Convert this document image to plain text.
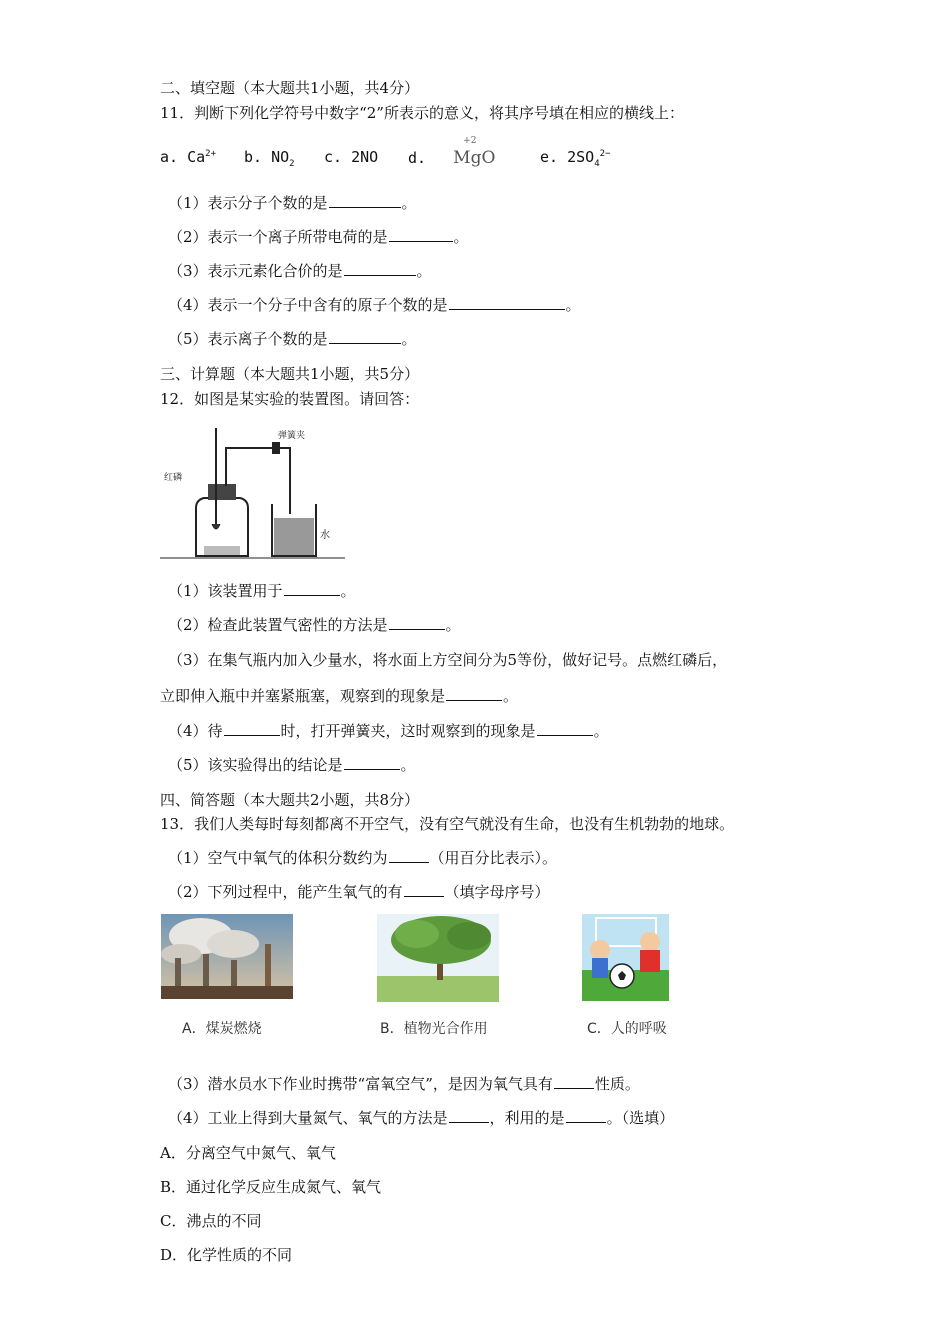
二、填空题（本大题共1小题，共4分）
11．判断下列化学符号中数字“2”所表示的意义，将其序号填在相应的横线上：
a. $Ca^{2+}$ b. $NO_2$ c. 2NO d.
+2
MgO	e. $2SO_4^{2-}$
（1）表示分子个数的是	。
（2）表示一个离子所带电荷的是	。
（3）表示元素化合价的是	。
（4）表示一个分子中含有的原子个数的是	。
（5）表示离子个数的是	。
三、计算题（本大题共1小题，共5分）
12．如图是某实验的装置图。请回答：
弹簧夹
红磷
水
（1）该装置用于	。
（2）检查此装置气密性的方法是	。
（3）在集气瓶内加入少量水，将水面上方空间分为5等份，做好记号。点燃红磷后，
立即伸入瓶中并塞紧瓶塞，观察到的现象是	。
（4）待	时，打开弹簧夹，这时观察到的现象是	。
（5）该实验得出的结论是	。
四、简答题（本大题共2小题，共8分）
13．我们人类每时每刻都离不开空气，没有空气就没有生命，也没有生机勃勃的地球。
（1）空气中氧气的体积分数约为	（用百分比表示）。
（2）下列过程中，能产生氧气的有	（填字母序号）
A．煤炭燃烧	B．植物光合作用	C．人的呼吸
（3）潜水员水下作业时携带“富氧空气”，是因为氧气具有	性质。
（4）工业上得到大量氮气、氧气的方法是	，利用的是	。（选填）
A．分离空气中氮气、氧气
B．通过化学反应生成氮气、氧气
C．沸点的不同
D．化学性质的不同
